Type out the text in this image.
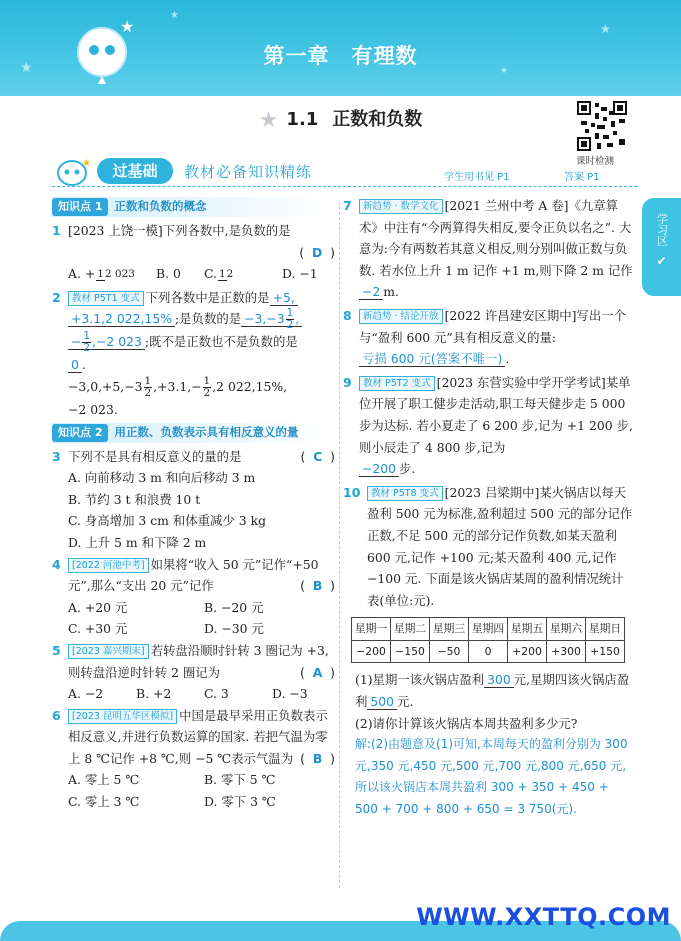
★
★
★
★
★
第一章　有理数
★ 1.1 正数和负数
课时检测
学习区
✔
★	过基础	教材必备知识精练	学生用书见 P1	答案 P1
知识点 1	正数和负数的概念
1 [2023 上饶一模]下列各数中,是负数的是

(  D  )

A. + 12 023	B. 0	C. 12	D. −1
2 教材 P5T1 变式 下列各数中是正数的是 +5,
+3.1,2 022,15% ;是负数的是 $-3,-3 \frac{1}{2}$ ,
− $\frac{1}{2} ,-2$ 023 ;既不是正数也不是负数的是
0 .
$-3,0,+5,-3 \frac{1}{2} ,+3.1,- \frac{1}{2} ,2$ 022,15%,
−2 023.
知识点 2	用正数、负数表示具有相反意义的量
3 下列不是具有相反意义的量的是	(  C  )

A. 向前移动 3 m 和向后移动 3 m
B. 节约 3 t 和浪费 10 t
C. 身高增加 3 cm 和体重减少 3 kg
D. 上升 5 m 和下降 2 m
4 [2022 河池中考] 如果将“收入 50 元”记作“+50 元”,那么“支出 20 元”记作	(  B  )

A. +20 元	B. −20 元
C. +30 元	D. −30 元
5 [2023 嘉兴期末] 若转盘沿顺时针转 3 圈记为 +3,则转盘沿逆时针转 2 圈记为	(  A  )

A. −2	B. +2	C. 3	D. −3
6 [2023 昆明五华区模拟] 中国是最早采用正负数表示相反意义,并进行负数运算的国家. 若把气温为零上 8 ℃记作 +8 ℃,则 −5 ℃表示气温为 (  B  )

A. 零上 5 ℃	B. 零下 5 ℃
C. 零上 3 ℃	D. 零下 3 ℃
7 新趋势 · 数学文化 [2021 兰州中考 A 卷]《九章算术》中注有“今两算得失相反,要令正负以名之”. 大意为:今有两数若其意义相反,则分别叫做正数与负数. 若水位上升 1 m 记作 +1 m,则下降 2 m 记作 −2 m.
8 新趋势 · 结论开放 [2022 许昌建安区期中]写出一个与“盈利 600 元”具有相反意义的量:
亏损 600 元(答案不唯一) .
9 教材 P5T2 变式 [2023 东营实验中学开学考试]某单位开展了职工健步走活动,职工每天健步走 5 000 步为达标. 若小夏走了 6 200 步,记为 +1 200 步,则小辰走了 4 800 步,记为
−200 步.
10 教材 P5T8 变式 [2023 吕梁期中]某火锅店以每天盈利 500 元为标准,盈利超过 500 元的部分记作正数,不足 500 元的部分记作负数,如某天盈利 600 元,记作 +100 元;某天盈利 400 元,记作 −100 元. 下面是该火锅店某周的盈利情况统计表(单位:元).
星期一	星期二	星期三	星期四	星期五	星期六	星期日
−200	−150	−50	0	+200	+300	+150
(1)星期一该火锅店盈利 300 元,星期四该火锅店盈利 500 元.
(2)请你计算该火锅店本周共盈利多少元?
解:(2)由题意及(1)可知,本周每天的盈利分别为 300 元,350 元,450 元,500 元,700 元,800 元,650 元,
所以该火锅店本周共盈利 300 + 350 + 450 + 500 + 700 + 800 + 650 = 3 750(元).
WWW.XXTTQ.COM
